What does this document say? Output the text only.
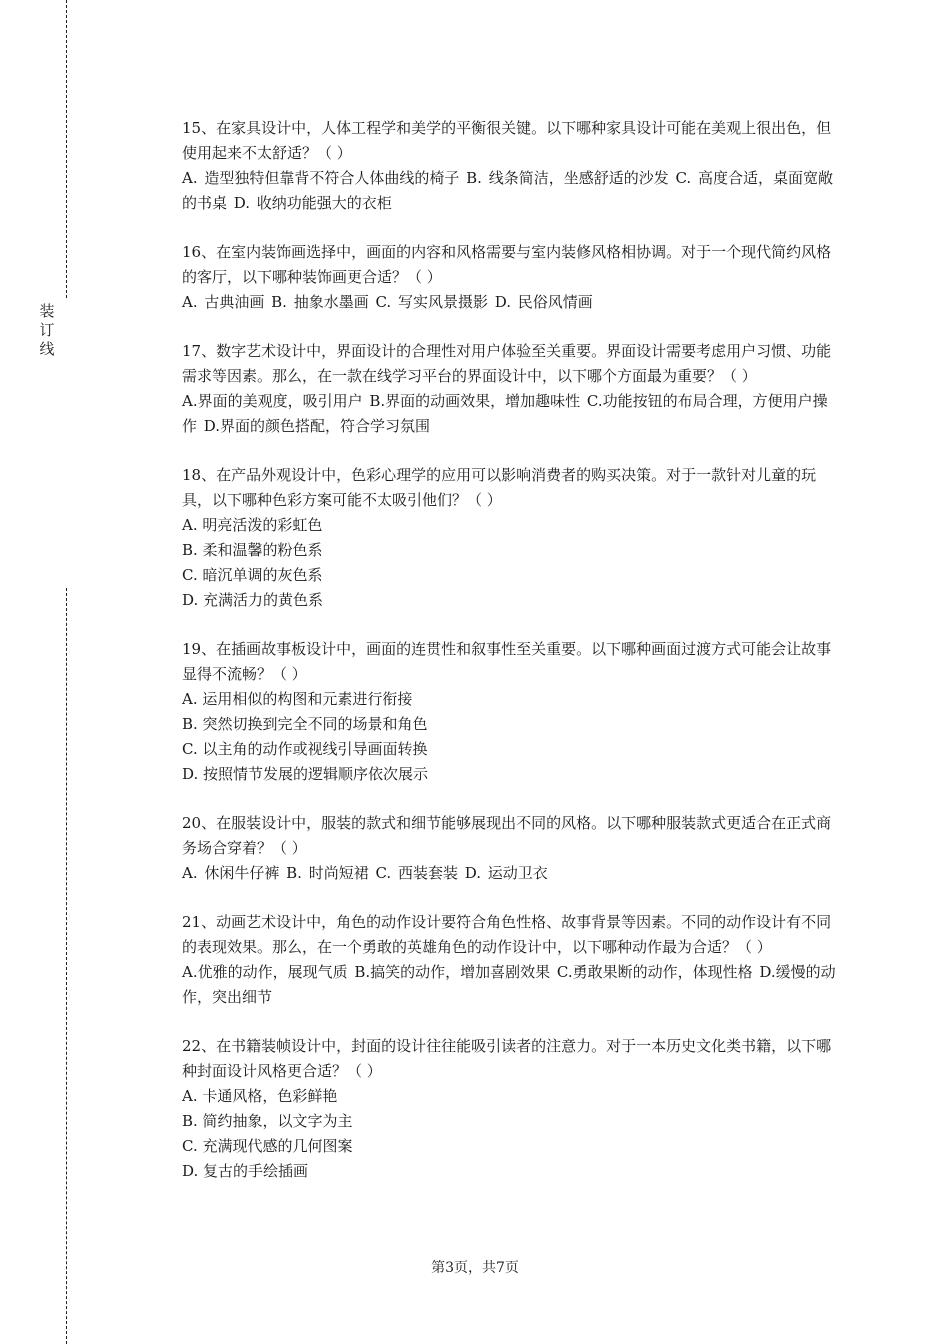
装
订
线

15、在家具设计中，人体工程学和美学的平衡很关键。以下哪种家具设计可能在美观上很出色，但使用起来不太舒适？（ ）

A. 造型独特但靠背不符合人体曲线的椅子 B. 线条简洁，坐感舒适的沙发 C. 高度合适，桌面宽敞的书桌 D. 收纳功能强大的衣柜

16、在室内装饰画选择中，画面的内容和风格需要与室内装修风格相协调。对于一个现代简约风格的客厅，以下哪种装饰画更合适？（ ）

A. 古典油画 B. 抽象水墨画 C. 写实风景摄影 D. 民俗风情画

17、数字艺术设计中，界面设计的合理性对用户体验至关重要。界面设计需要考虑用户习惯、功能需求等因素。那么，在一款在线学习平台的界面设计中，以下哪个方面最为重要？（ ）

A.界面的美观度，吸引用户 B.界面的动画效果，增加趣味性 C.功能按钮的布局合理，方便用户操作 D.界面的颜色搭配，符合学习氛围

18、在产品外观设计中，色彩心理学的应用可以影响消费者的购买决策。对于一款针对儿童的玩具，以下哪种色彩方案可能不太吸引他们？（ ）

A. 明亮活泼的彩虹色

B. 柔和温馨的粉色系

C. 暗沉单调的灰色系

D. 充满活力的黄色系

19、在插画故事板设计中，画面的连贯性和叙事性至关重要。以下哪种画面过渡方式可能会让故事显得不流畅？（ ）

A. 运用相似的构图和元素进行衔接

B. 突然切换到完全不同的场景和角色

C. 以主角的动作或视线引导画面转换

D. 按照情节发展的逻辑顺序依次展示

20、在服装设计中，服装的款式和细节能够展现出不同的风格。以下哪种服装款式更适合在正式商务场合穿着？（ ）

A. 休闲牛仔裤 B. 时尚短裙 C. 西装套装 D. 运动卫衣

21、动画艺术设计中，角色的动作设计要符合角色性格、故事背景等因素。不同的动作设计有不同的表现效果。那么，在一个勇敢的英雄角色的动作设计中，以下哪种动作最为合适？（ ）

A.优雅的动作，展现气质 B.搞笑的动作，增加喜剧效果 C.勇敢果断的动作，体现性格 D.缓慢的动作，突出细节

22、在书籍装帧设计中，封面的设计往往能吸引读者的注意力。对于一本历史文化类书籍，以下哪种封面设计风格更合适？（ ）

A. 卡通风格，色彩鲜艳

B. 简约抽象，以文字为主

C. 充满现代感的几何图案

D. 复古的手绘插画

第3页，共7页
